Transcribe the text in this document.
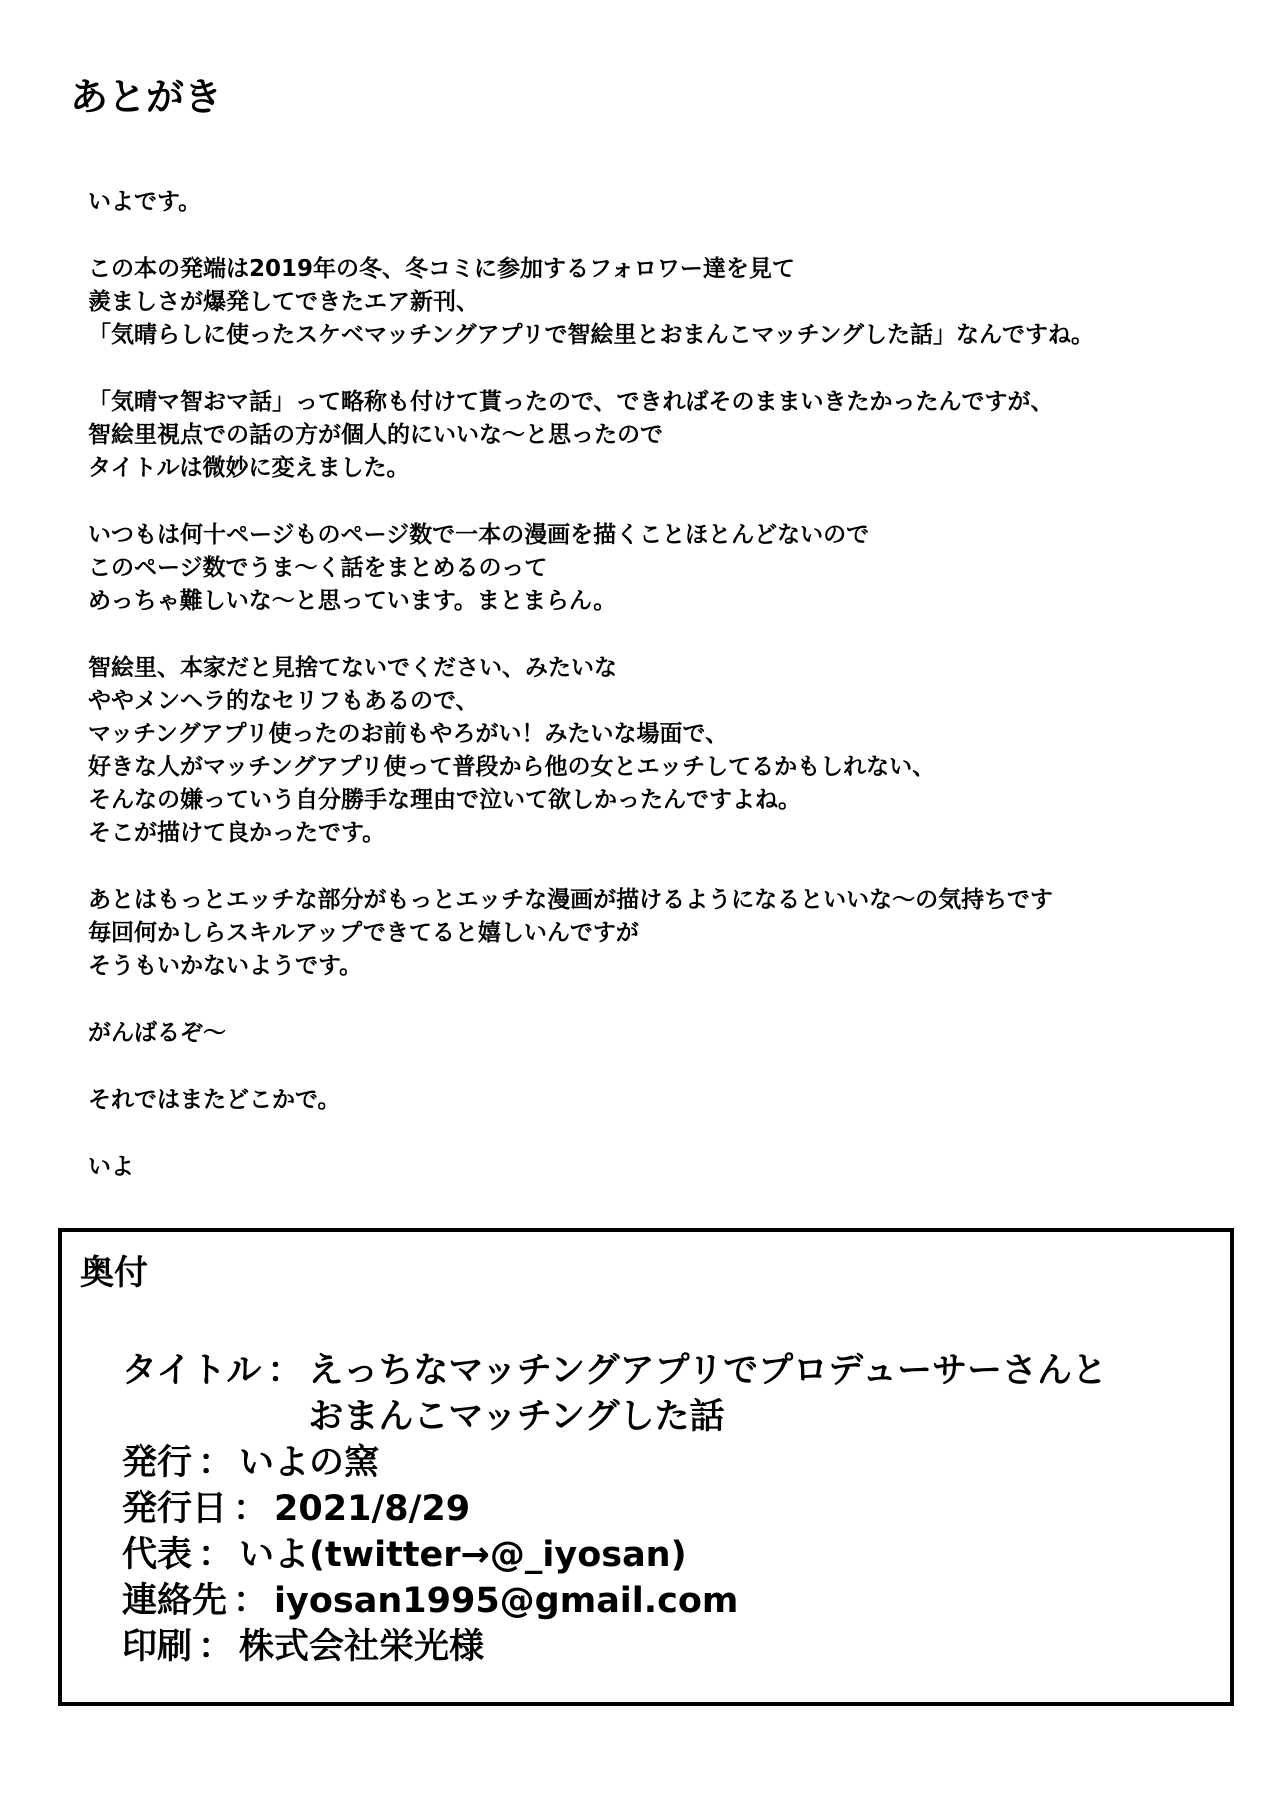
あとがき
いよです。
この本の発端は2019年の冬、冬コミに参加するフォロワー達を見て
羨ましさが爆発してできたエア新刊、
「気晴らしに使ったスケベマッチングアプリで智絵里とおまんこマッチングした話」なんですね。
「気晴マ智おマ話」って略称も付けて貰ったので、できればそのままいきたかったんですが、
智絵里視点での話の方が個人的にいいな〜と思ったので
タイトルは微妙に変えました。
いつもは何十ページものページ数で一本の漫画を描くことほとんどないので
このページ数でうま〜く話をまとめるのって
めっちゃ難しいな〜と思っています。まとまらん。
智絵里、本家だと見捨てないでください、みたいな
ややメンヘラ的なセリフもあるので、
マッチングアプリ使ったのお前もやろがい！みたいな場面で、
好きな人がマッチングアプリ使って普段から他の女とエッチしてるかもしれない、
そんなの嫌っていう自分勝手な理由で泣いて欲しかったんですよね。
そこが描けて良かったです。
あとはもっとエッチな部分がもっとエッチな漫画が描けるようになるといいな〜の気持ちです
毎回何かしらスキルアップできてると嬉しいんですが
そうもいかないようです。
がんばるぞ〜
それではまたどこかで。
いよ
奥付
タイトル ： えっちなマッチングアプリでプロデューサーさんと
おまんこマッチングした話
発行 ： いよの窯
発行日 ： 2021/8/29
代表 ： いよ(twitter→@_iyosan)
連絡先 ： iyosan1995@gmail.com
印刷 ： 株式会社栄光様
